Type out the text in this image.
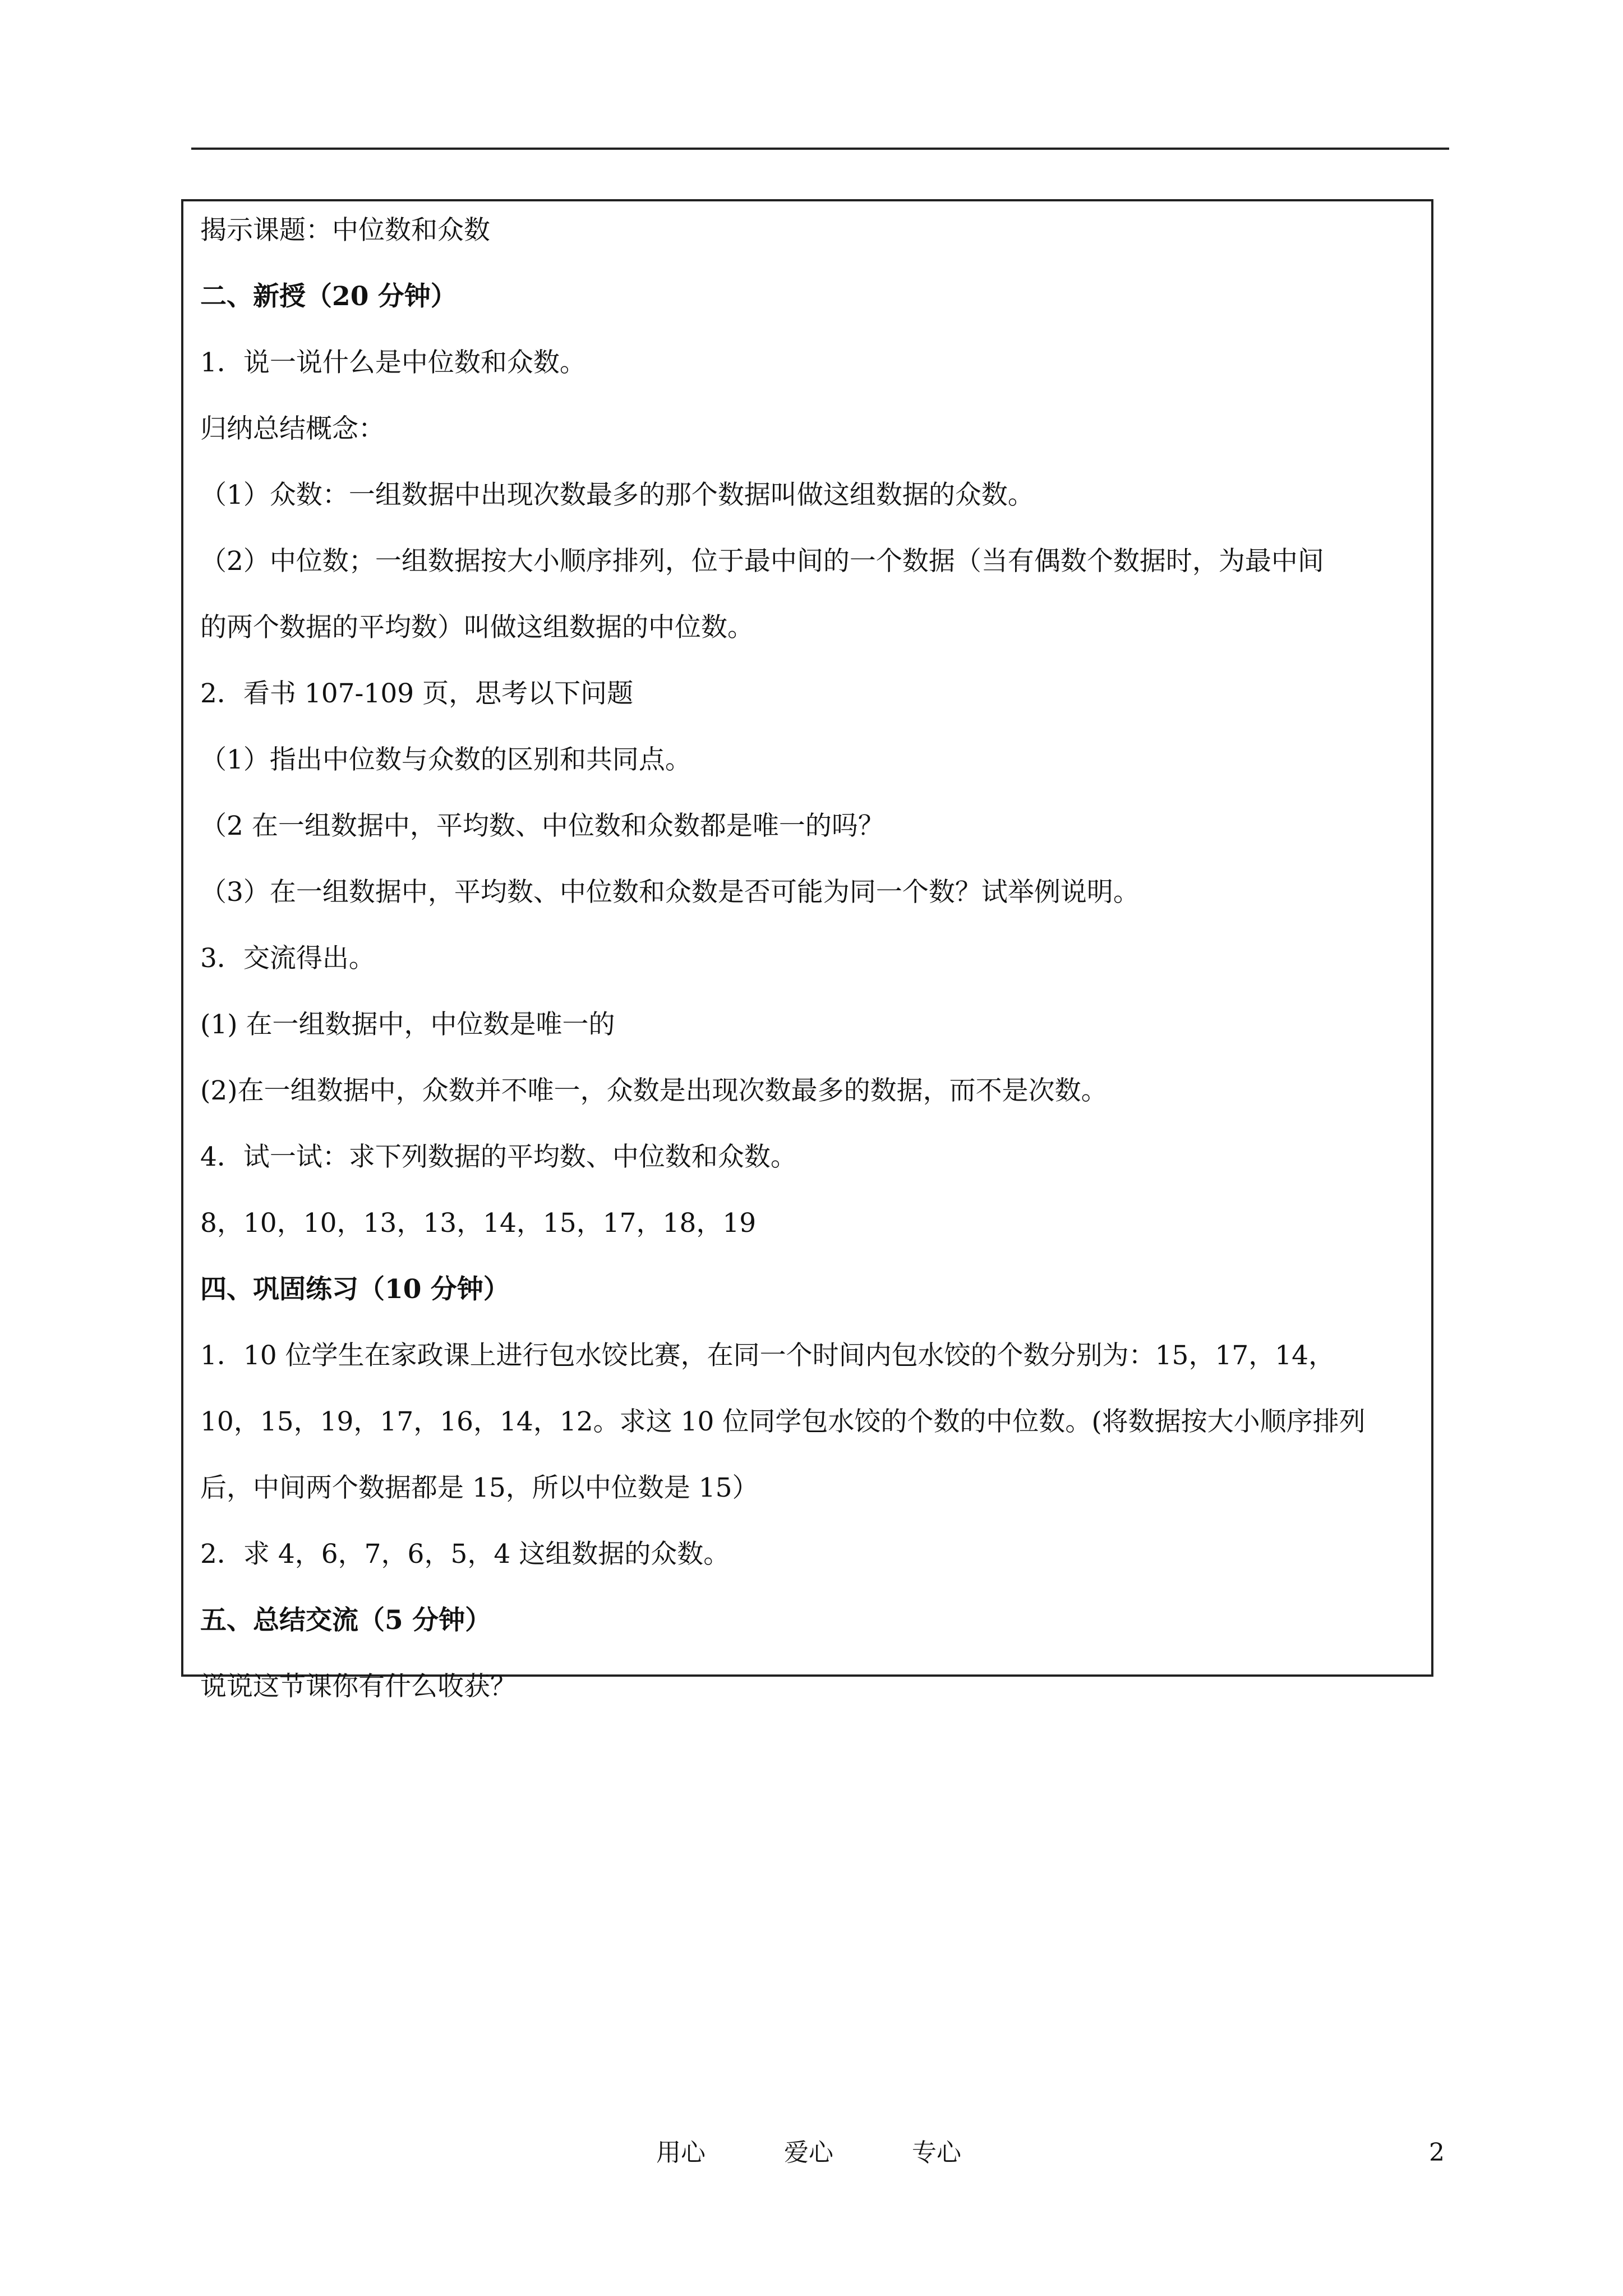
揭示课题：中位数和众数
二、新授（20 分钟）
1．说一说什么是中位数和众数。
归纳总结概念：
（1）众数：一组数据中出现次数最多的那个数据叫做这组数据的众数。
（2）中位数；一组数据按大小顺序排列，位于最中间的一个数据（当有偶数个数据时，为最中间
的两个数据的平均数）叫做这组数据的中位数。
2．看书 107-109 页，思考以下问题
（1）指出中位数与众数的区别和共同点。
（2 在一组数据中，平均数、中位数和众数都是唯一的吗？
（3）在一组数据中，平均数、中位数和众数是否可能为同一个数？试举例说明。
3．交流得出。
(1) 在一组数据中，中位数是唯一的
(2)在一组数据中，众数并不唯一，众数是出现次数最多的数据，而不是次数。
4．试一试：求下列数据的平均数、中位数和众数。
8，10，10，13，13，14，15，17，18，19
四、巩固练习（10 分钟）
1．10 位学生在家政课上进行包水饺比赛，在同一个时间内包水饺的个数分别为：15，17，14，
10，15，19，17，16，14，12。求这 10 位同学包水饺的个数的中位数。(将数据按大小顺序排列
后，中间两个数据都是 15，所以中位数是 15）
2．求 4，6，7，6，5，4 这组数据的众数。
五、总结交流（5 分钟）
说说这节课你有什么收获？
用心	爱心	专心	2
